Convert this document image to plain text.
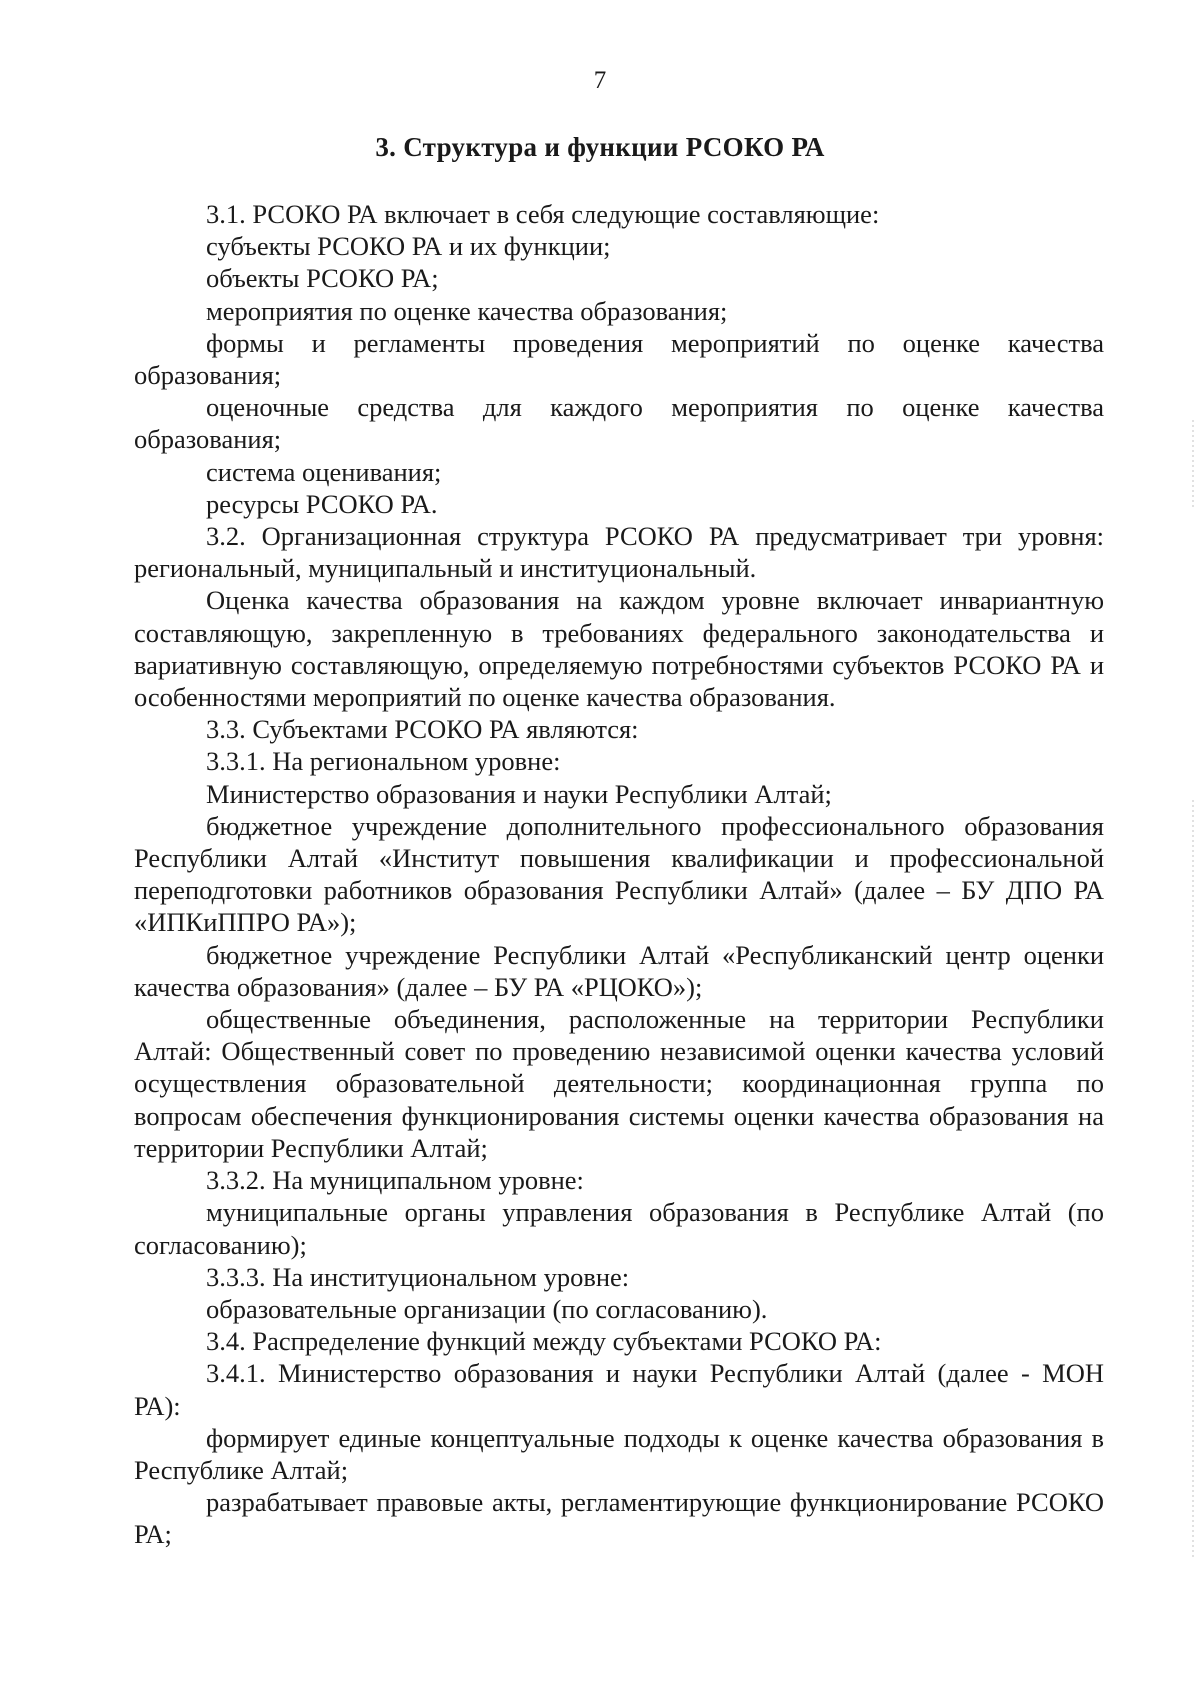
7
3. Структура и функции РСОКО РА

3.1. РСОКО РА включает в себя следующие составляющие:

субъекты РСОКО РА и их функции;

объекты РСОКО РА;

мероприятия по оценке качества образования;

формы и регламенты проведения мероприятий по оценке качества образования;

оценочные средства для каждого мероприятия по оценке качества образования;

система оценивания;

ресурсы РСОКО РА.

3.2. Организационная структура РСОКО РА предусматривает три уровня: региональный, муниципальный и институциональный.

Оценка качества образования на каждом уровне включает инвариантную составляющую, закрепленную в требованиях федерального законодательства и вариативную составляющую, определяемую потребностями субъектов РСОКО РА и особенностями мероприятий по оценке качества образования.

3.3. Субъектами РСОКО РА являются:

3.3.1. На региональном уровне:

Министерство образования и науки Республики Алтай;

бюджетное учреждение дополнительного профессионального образования Республики Алтай «Институт повышения квалификации и профессиональной переподготовки работников образования Республики Алтай» (далее – БУ ДПО РА «ИПКиППРО РА»);

бюджетное учреждение Республики Алтай «Республиканский центр оценки качества образования» (далее – БУ РА «РЦОКО»);

общественные объединения, расположенные на территории Республики Алтай: Общественный совет по проведению независимой оценки качества условий осуществления образовательной деятельности; координационная группа по вопросам обеспечения функционирования системы оценки качества образования на территории Республики Алтай;

3.3.2. На муниципальном уровне:

муниципальные органы управления образования в Республике Алтай (по согласованию);

3.3.3. На институциональном уровне:

образовательные организации (по согласованию).

3.4. Распределение функций между субъектами РСОКО РА:

3.4.1. Министерство образования и науки Республики Алтай (далее - МОН РА):

формирует единые концептуальные подходы к оценке качества образования в Республике Алтай;

разрабатывает правовые акты, регламентирующие функционирование РСОКО РА;
